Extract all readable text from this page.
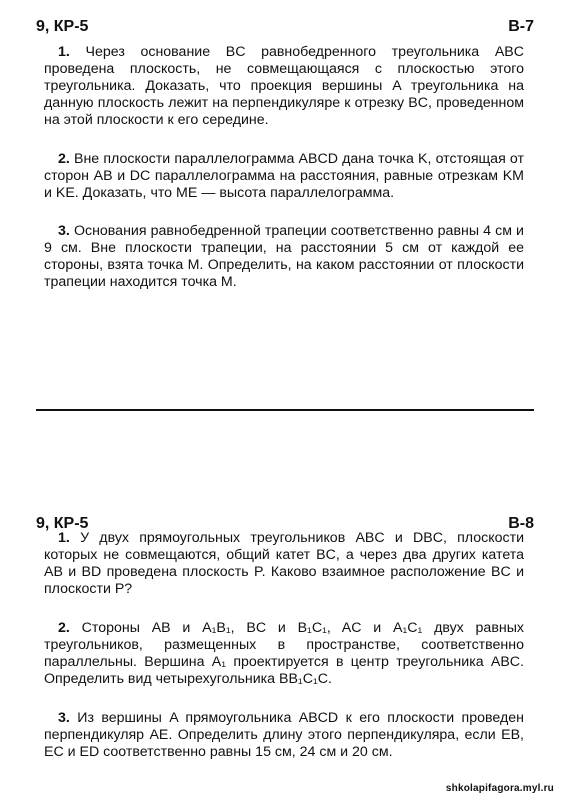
9, КР-5	В-7

1. Через основание BC равнобедренного треугольника ABC проведена плоскость, не совмещающаяся с плоскостью этого треугольника. Доказать, что проекция вершины A треугольника на данную плоскость лежит на перпендикуляре к отрезку BC, проведенном на этой плоскости к его середине.

2. Вне плоскости параллелограмма ABCD дана точка K, отстоящая от сторон AB и DC параллелограмма на расстояния, равные отрезкам KM и KE. Доказать, что ME — высота параллелограмма.

3. Основания равнобедренной трапеции соответственно равны 4 см и 9 см. Вне плоскости трапеции, на расстоянии 5 см от каждой ее стороны, взята точка M. Определить, на каком расстоянии от плоскости трапеции находится точка M.

9, КР-5	В-8

1. У двух прямоугольных треугольников ABC и DBC, плоскости которых не совмещаются, общий катет BC, а через два других катета AB и BD проведена плоскость P. Каково взаимное расположение BC и плоскости P?

2. Стороны AB и A₁B₁, BC и B₁C₁, AC и A₁C₁ двух равных треугольников, размещенных в пространстве, соответственно параллельны. Вершина A₁ проектируется в центр треугольника ABC. Определить вид четырехугольника BB₁C₁C.

3. Из вершины A прямоугольника ABCD к его плоскости проведен перпендикуляр AE. Определить длину этого перпендикуляра, если EB, EC и ED соответственно равны 15 см, 24 см и 20 см.

shkolapifagora.myl.ru
